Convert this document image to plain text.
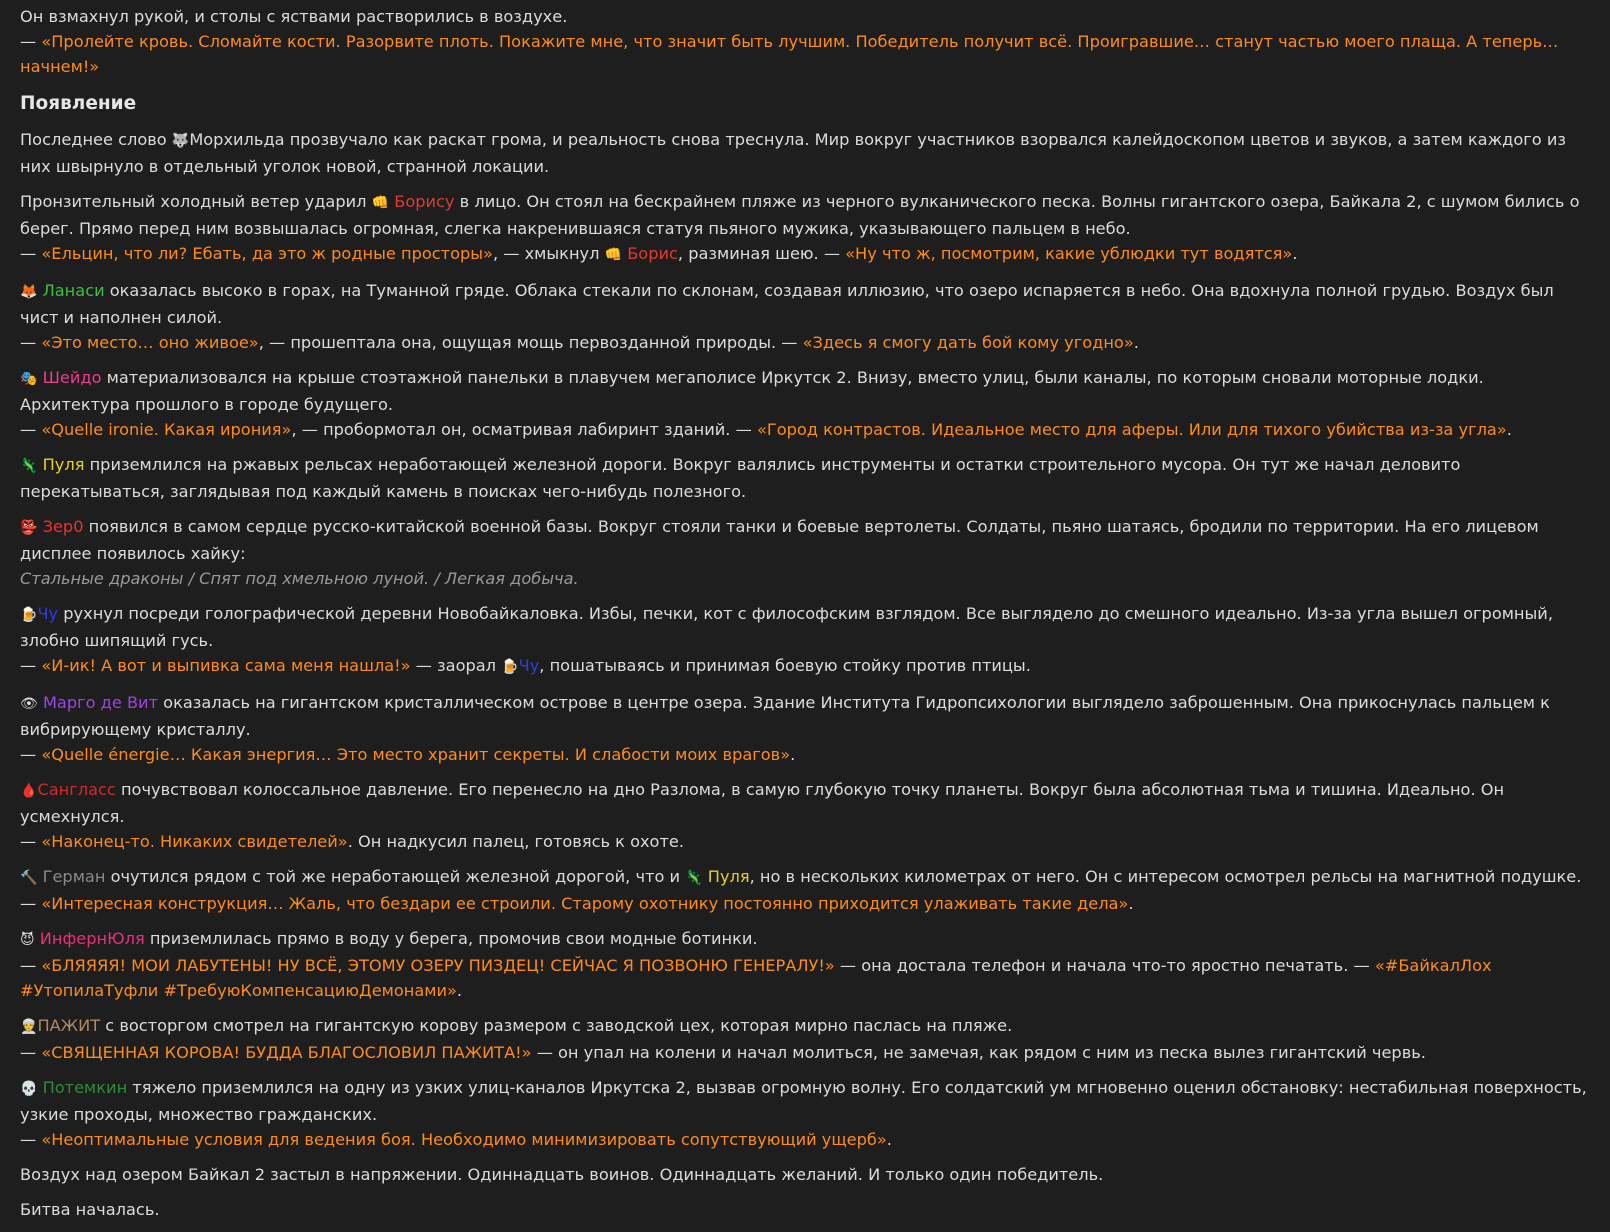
Он взмахнул рукой, и столы с яствами растворились в воздухе.
— «Пролейте кровь. Сломайте кости. Разорвите плоть. Покажите мне, что значит быть лучшим. Победитель получит всё. Проигравшие… станут частью моего плаща. А теперь… начнем!»
Появление
Последнее слово 🐺Морхильда прозвучало как раскат грома, и реальность снова треснула. Мир вокруг участников взорвался калейдоскопом цветов и звуков, а затем каждого из них швырнуло в отдельный уголок новой, странной локации.
Пронзительный холодный ветер ударил 👊 Борису в лицо. Он стоял на бескрайнем пляже из черного вулканического песка. Волны гигантского озера, Байкала 2, с шумом бились о берег. Прямо перед ним возвышалась огромная, слегка накренившаяся статуя пьяного мужика, указывающего пальцем в небо.
— «Ельцин, что ли? Ебать, да это ж родные просторы», — хмыкнул 👊 Борис, разминая шею. — «Ну что ж, посмотрим, какие ублюдки тут водятся».
🦊 Ланаси оказалась высоко в горах, на Туманной гряде. Облака стекали по склонам, создавая иллюзию, что озеро испаряется в небо. Она вдохнула полной грудью. Воздух был чист и наполнен силой.
— «Это место… оно живое», — прошептала она, ощущая мощь первозданной природы. — «Здесь я смогу дать бой кому угодно».
🎭 Шейдо материализовался на крыше стоэтажной панельки в плавучем мегаполисе Иркутск 2. Внизу, вместо улиц, были каналы, по которым сновали моторные лодки. Архитектура прошлого в городе будущего.
— «Quelle ironie. Какая ирония», — пробормотал он, осматривая лабиринт зданий. — «Город контрастов. Идеальное место для аферы. Или для тихого убийства из-за угла».
🦎 Пуля приземлился на ржавых рельсах неработающей железной дороги. Вокруг валялись инструменты и остатки строительного мусора. Он тут же начал деловито перекатываться, заглядывая под каждый камень в поисках чего-нибудь полезного.
👺 Зер0 появился в самом сердце русско-китайской военной базы. Вокруг стояли танки и боевые вертолеты. Солдаты, пьяно шатаясь, бродили по территории. На его лицевом дисплее появилось хайку:
Стальные драконы / Спят под хмельною луной. / Легкая добыча.
🍺Чу рухнул посреди голографической деревни Новобайкаловка. Избы, печки, кот с философским взглядом. Все выглядело до смешного идеально. Из-за угла вышел огромный, злобно шипящий гусь.
— «И-ик! А вот и выпивка сама меня нашла!» — заорал 🍺Чу, пошатываясь и принимая боевую стойку против птицы.
👁 Марго де Вит оказалась на гигантском кристаллическом острове в центре озера. Здание Института Гидропсихологии выглядело заброшенным. Она прикоснулась пальцем к вибрирующему кристаллу.
— «Quelle énergie… Какая энергия… Это место хранит секреты. И слабости моих врагов».
🩸Сангласс почувствовал колоссальное давление. Его перенесло на дно Разлома, в самую глубокую точку планеты. Вокруг была абсолютная тьма и тишина. Идеально. Он усмехнулся.
— «Наконец-то. Никаких свидетелей». Он надкусил палец, готовясь к охоте.
🔨 Герман очутился рядом с той же неработающей железной дорогой, что и 🦎 Пуля, но в нескольких километрах от него. Он с интересом осмотрел рельсы на магнитной подушке.
— «Интересная конструкция… Жаль, что бездари ее строили. Старому охотнику постоянно приходится улаживать такие дела».
😈 ИнфернЮля приземлилась прямо в воду у берега, промочив свои модные ботинки.
— «БЛЯЯЯЯ! МОИ ЛАБУТЕНЫ! НУ ВСЁ, ЭТОМУ ОЗЕРУ ПИЗДЕЦ! СЕЙЧАС Я ПОЗВОНЮ ГЕНЕРАЛУ!» — она достала телефон и начала что-то яростно печатать. — «#БайкалЛох #УтопилаТуфли #ТребуюКомпенсациюДемонами».
👳ПАЖИТ с восторгом смотрел на гигантскую корову размером с заводской цех, которая мирно паслась на пляже.
— «СВЯЩЕННАЯ КОРОВА! БУДДА БЛАГОСЛОВИЛ ПАЖИТА!» — он упал на колени и начал молиться, не замечая, как рядом с ним из песка вылез гигантский червь.
💀 Потемкин тяжело приземлился на одну из узких улиц-каналов Иркутска 2, вызвав огромную волну. Его солдатский ум мгновенно оценил обстановку: нестабильная поверхность, узкие проходы, множество гражданских.
— «Неоптимальные условия для ведения боя. Необходимо минимизировать сопутствующий ущерб».
Воздух над озером Байкал 2 застыл в напряжении. Одиннадцать воинов. Одиннадцать желаний. И только один победитель.
Битва началась.
